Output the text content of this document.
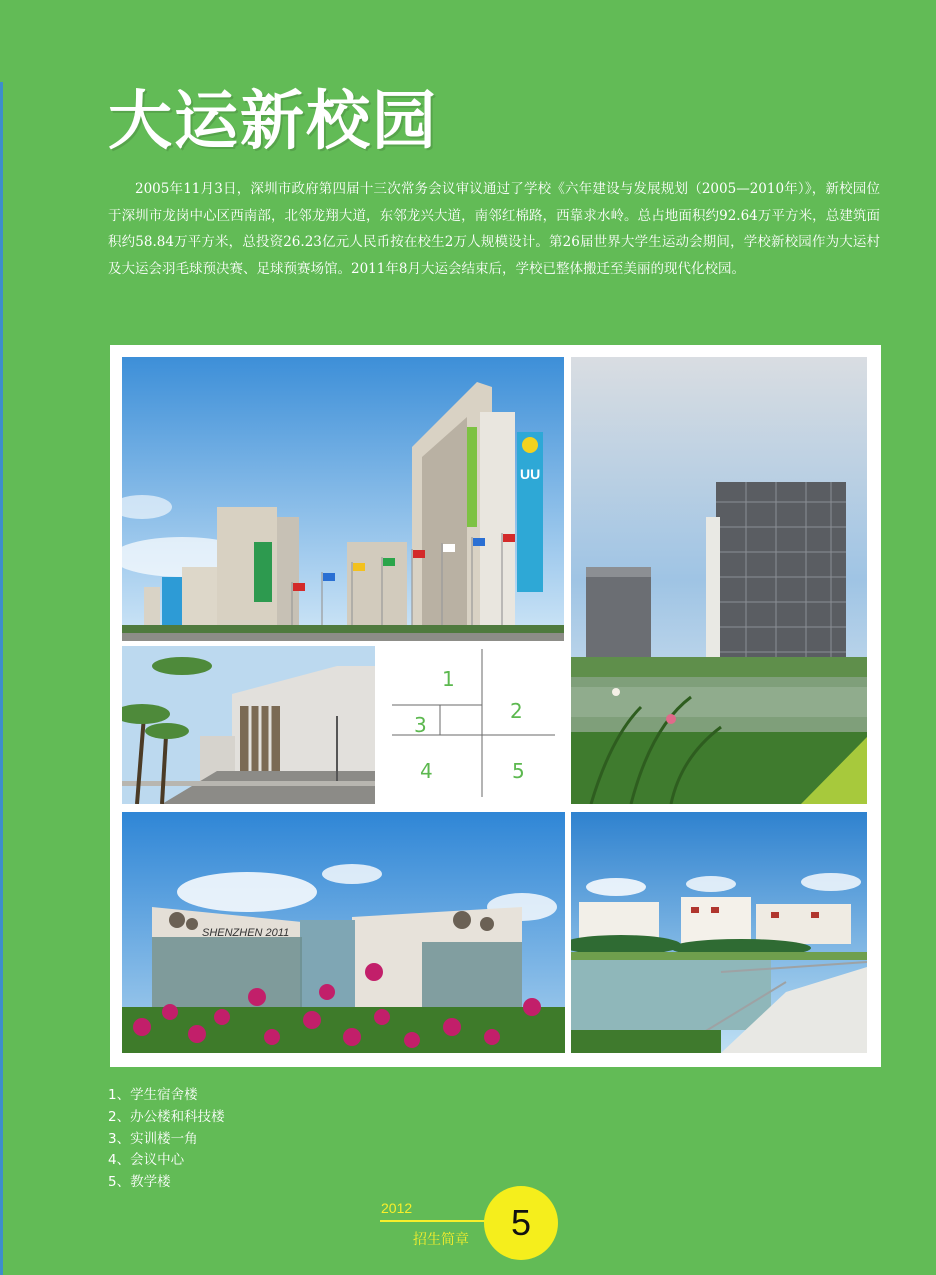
大运新校园

2005年11月3日，深圳市政府第四届十三次常务会议审议通过了学校《六年建设与发展规划（2005—2010年）》，新校园位于深圳市龙岗中心区西南部，北邻龙翔大道，东邻龙兴大道，南邻红棉路，西靠求水岭。总占地面积约92.64万平方米，总建筑面积约58.84万平方米，总投资26.23亿元人民币按在校生2万人规模设计。第26届世界大学生运动会期间，学校新校园作为大运村及大运会羽毛球预决赛、足球预赛场馆。2011年8月大运会结束后，学校已整体搬迁至美丽的现代化校园。

UU
1
2
3
4	5
SHENZHEN 2011
1、学生宿舍楼
2、办公楼和科技楼
3、实训楼一角
4、会议中心
5、教学楼
2012
招生简章 5
